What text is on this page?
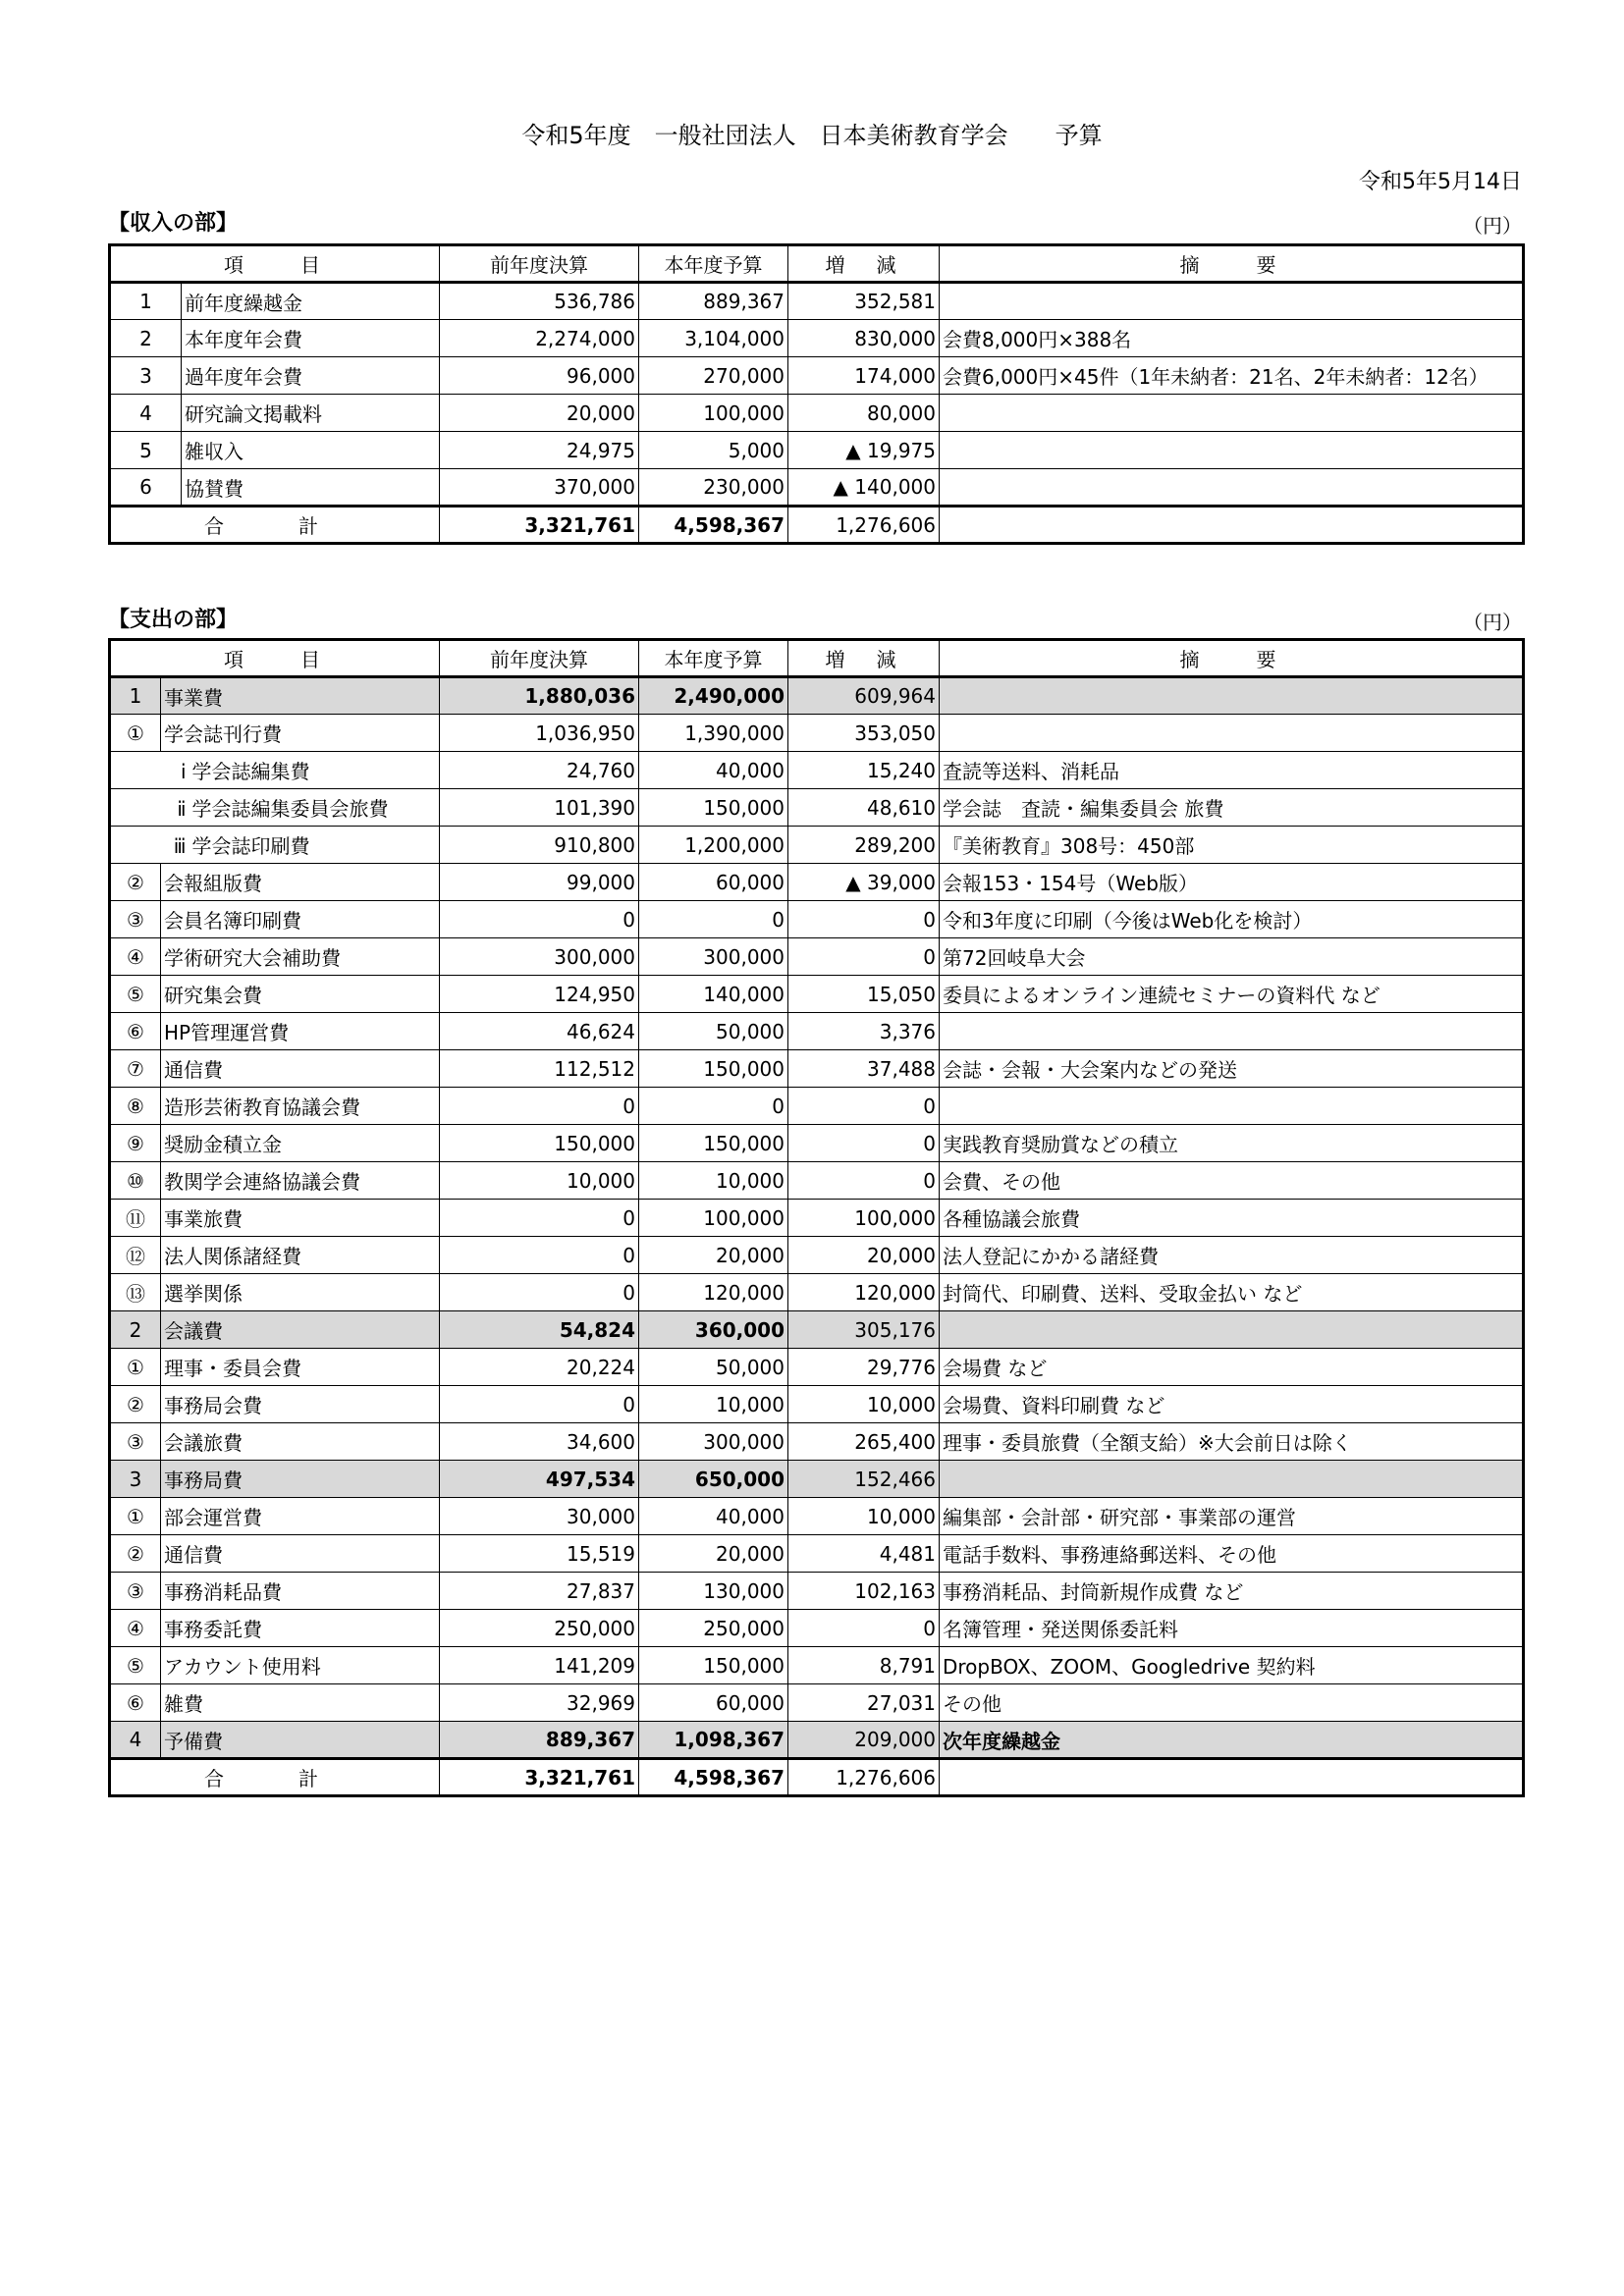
令和5年度　一般社団法人　日本美術教育学会　　予算
令和5年5月14日
【収入の部】	（円）
項　　目		前年度決算	本年度予算	増　減	摘　　要
1	前年度繰越金	536,786	889,367	352,581	
2	本年度年会費	2,274,000	3,104,000	830,000	会費8,000円×388名
3	過年度年会費	96,000	270,000	174,000	会費6,000円×45件（1年未納者：21名、2年未納者：12名）
4	研究論文掲載料	20,000	100,000	80,000	
5	雑収入	24,975	5,000	▲ 19,975	
6	協賛費	370,000	230,000	▲ 140,000	
合　計		3,321,761	4,598,367	1,276,606	
【支出の部】	（円）
項　　目		前年度決算	本年度予算	増　減	摘　　要
1	事業費	1,880,036	2,490,000	609,964	
①	学会誌刊行費	1,036,950	1,390,000	353,050	
	ⅰ 学会誌編集費	24,760	40,000	15,240	査読等送料、消耗品
	ⅱ 学会誌編集委員会旅費	101,390	150,000	48,610	学会誌　査読・編集委員会 旅費
	ⅲ 学会誌印刷費	910,800	1,200,000	289,200	『美術教育』308号：450部
②	会報組版費	99,000	60,000	▲ 39,000	会報153・154号（Web版）
③	会員名簿印刷費	0	0	0	令和3年度に印刷（今後はWeb化を検討）
④	学術研究大会補助費	300,000	300,000	0	第72回岐阜大会
⑤	研究集会費	124,950	140,000	15,050	委員によるオンライン連続セミナーの資料代 など
⑥	HP管理運営費	46,624	50,000	3,376	
⑦	通信費	112,512	150,000	37,488	会誌・会報・大会案内などの発送
⑧	造形芸術教育協議会費	0	0	0	
⑨	奨励金積立金	150,000	150,000	0	実践教育奨励賞などの積立
⑩	教関学会連絡協議会費	10,000	10,000	0	会費、その他
⑪	事業旅費	0	100,000	100,000	各種協議会旅費
⑫	法人関係諸経費	0	20,000	20,000	法人登記にかかる諸経費
⑬	選挙関係	0	120,000	120,000	封筒代、印刷費、送料、受取金払い など
2	会議費	54,824	360,000	305,176	
①	理事・委員会費	20,224	50,000	29,776	会場費 など
②	事務局会費	0	10,000	10,000	会場費、資料印刷費 など
③	会議旅費	34,600	300,000	265,400	理事・委員旅費（全額支給）※大会前日は除く
3	事務局費	497,534	650,000	152,466	
①	部会運営費	30,000	40,000	10,000	編集部・会計部・研究部・事業部の運営
②	通信費	15,519	20,000	4,481	電話手数料、事務連絡郵送料、その他
③	事務消耗品費	27,837	130,000	102,163	事務消耗品、封筒新規作成費 など
④	事務委託費	250,000	250,000	0	名簿管理・発送関係委託料
⑤	アカウント使用料	141,209	150,000	8,791	DropBOX、ZOOM、Googledrive 契約料
⑥	雑費	32,969	60,000	27,031	その他
4	予備費	889,367	1,098,367	209,000	次年度繰越金
合　計		3,321,761	4,598,367	1,276,606	
